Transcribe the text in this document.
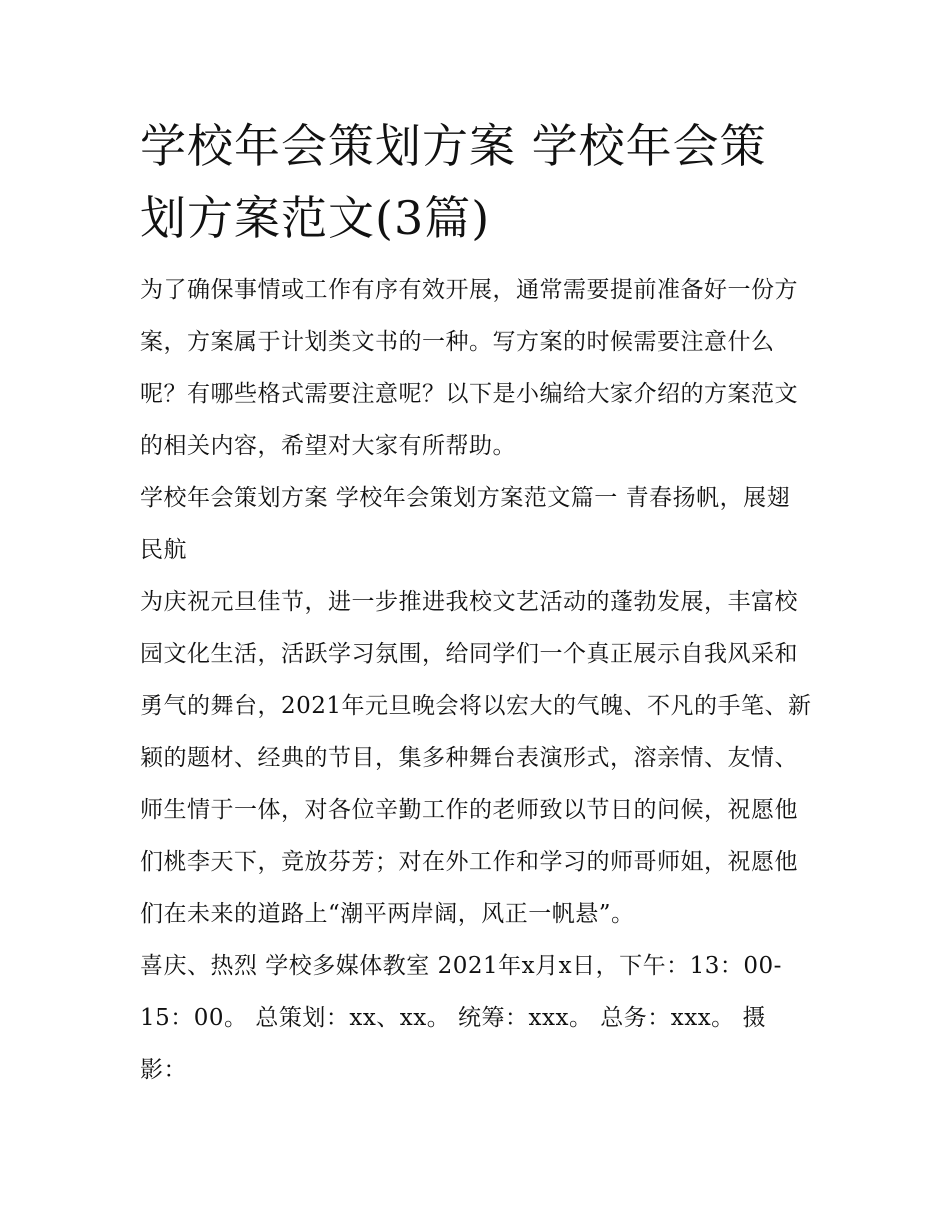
学校年会策划方案 学校年会策划方案范文(3篇)

为了确保事情或工作有序有效开展，通常需要提前准备好一份方案，方案属于计划类文书的一种。写方案的时候需要注意什么呢？有哪些格式需要注意呢？以下是小编给大家介绍的方案范文的相关内容，希望对大家有所帮助。

学校年会策划方案 学校年会策划方案范文篇一 青春扬帆，展翅民航

为庆祝元旦佳节，进一步推进我校文艺活动的蓬勃发展，丰富校园文化生活，活跃学习氛围，给同学们一个真正展示自我风采和勇气的舞台，2021年元旦晚会将以宏大的气魄、不凡的手笔、新颖的题材、经典的节目，集多种舞台表演形式，溶亲情、友情、师生情于一体，对各位辛勤工作的老师致以节日的问候，祝愿他们桃李天下，竞放芬芳；对在外工作和学习的师哥师姐，祝愿他们在未来的道路上“潮平两岸阔，风正一帆悬”。

喜庆、热烈 学校多媒体教室 2021年x月x日，下午：13：00-15：00。 总策划：xx、xx。 统筹：xxx。 总务：xxx。 摄影：
